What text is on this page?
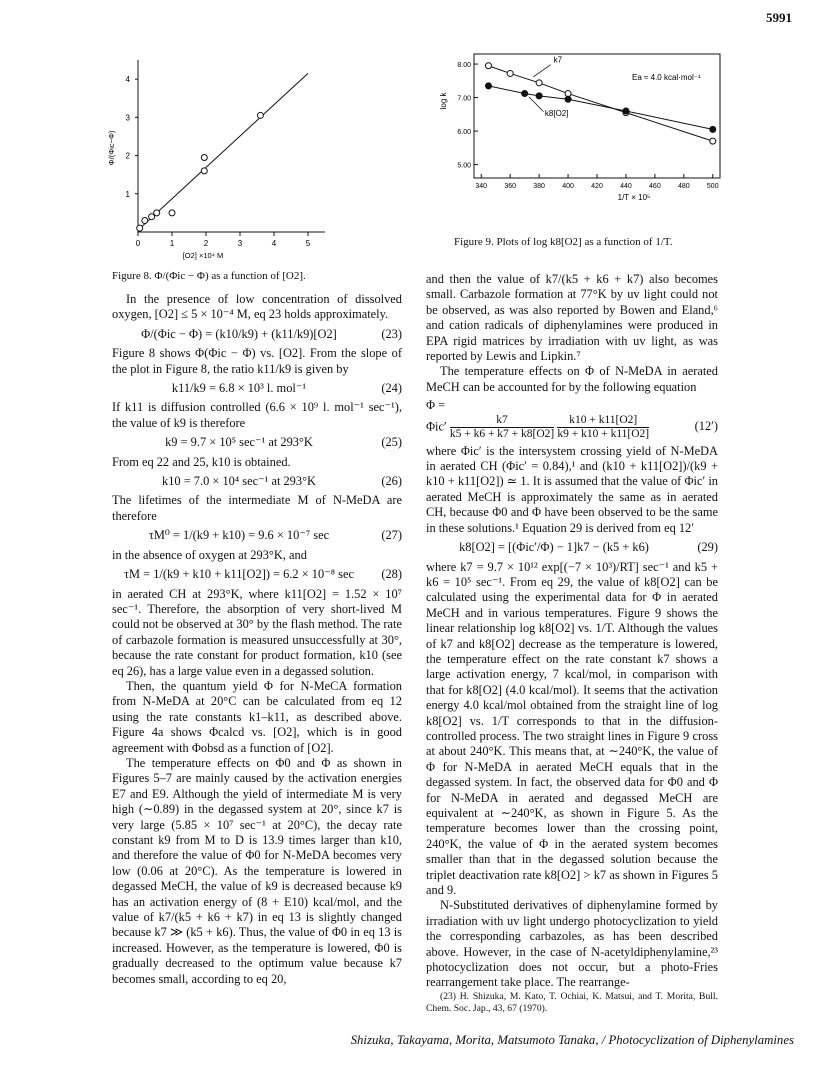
5991
0	1	2	3	4	5
1
2
3
4
[O2] ×10⁴ M
Φ/(Φic−Φ)
Figure 8. Φ/(Φic − Φ) as a function of [O2].
340 360 380 400 420 440 460 480 500
5.00
6.00
7.00
8.00
1/T × 10⁵
log k
Ea ≈ 4.0 kcal·mol⁻¹
k7
k8[O2]
Figure 9. Plots of log k8[O2] as a function of 1/T.

In the presence of low concentration of dissolved oxygen, [O2] ≤ 5 × 10⁻⁴ M, eq 23 holds approximately.

Φ/(Φic − Φ) = (k10/k9) + (k11/k9)[O2]	(23)

Figure 8 shows Φ(Φic − Φ) vs. [O2]. From the slope of the plot in Figure 8, the ratio k11/k9 is given by

k11/k9 = 6.8 × 10³ l. mol⁻¹	(24)

If k11 is diffusion controlled (6.6 × 10⁹ l. mol⁻¹ sec⁻¹), the value of k9 is therefore

k9 = 9.7 × 10⁵ sec⁻¹ at 293°K	(25)

From eq 22 and 25, k10 is obtained.

k10 = 7.0 × 10⁴ sec⁻¹ at 293°K	(26)

The lifetimes of the intermediate M of N-MeDA are therefore

τM⁰ = 1/(k9 + k10) = 9.6 × 10⁻⁷ sec	(27)

in the absence of oxygen at 293°K, and

τM = 1/(k9 + k10 + k11[O2]) = 6.2 × 10⁻⁸ sec	(28)

in aerated CH at 293°K, where k11[O2] = 1.52 × 10⁷ sec⁻¹. Therefore, the absorption of very short-lived M could not be observed at 30° by the flash method. The rate of carbazole formation is measured unsuccessfully at 30°, because the rate constant for product formation, k10 (see eq 26), has a large value even in a degassed solution.

Then, the quantum yield Φ for N-MeCA formation from N-MeDA at 20°C can be calculated from eq 12 using the rate constants k1–k11, as described above. Figure 4a shows Φcalcd vs. [O2], which is in good agreement with Φobsd as a function of [O2].

The temperature effects on Φ0 and Φ as shown in Figures 5–7 are mainly caused by the activation energies E7 and E9. Although the yield of intermediate M is very high (∼0.89) in the degassed system at 20°, since k7 is very large (5.85 × 10⁷ sec⁻¹ at 20°C), the decay rate constant k9 from M to D is 13.9 times larger than k10, and therefore the value of Φ0 for N-MeDA becomes very low (0.06 at 20°C). As the temperature is lowered in degassed MeCH, the value of k9 is decreased because k9 has an activation energy of (8 + E10) kcal/mol, and the value of k7/(k5 + k6 + k7) in eq 13 is slightly changed because k7 ≫ (k5 + k6). Thus, the value of Φ0 in eq 13 is increased. However, as the temperature is lowered, Φ0 is gradually decreased to the optimum value because k7 becomes small, according to eq 20,

and then the value of k7/(k5 + k6 + k7) also becomes small. Carbazole formation at 77°K by uv light could not be observed, as was also reported by Bowen and Eland,⁶ and cation radicals of diphenylamines were produced in EPA rigid matrices by irradiation with uv light, as was reported by Lewis and Lipkin.⁷

The temperature effects on Φ of N-MeDA in aerated MeCH can be accounted for by the following equation

Φ =
$\Phi ic' \frac{k7}{k5 + k6 + k7 + k8[O2]}$
$\frac{k10 + k11[O2]}{k9 + k10 + k11[O2]}$	(12′)

where Φic′ is the intersystem crossing yield of N-MeDA in aerated CH (Φic′ = 0.84),¹ and (k10 + k11[O2])/(k9 + k10 + k11[O2]) ≃ 1. It is assumed that the value of Φic′ in aerated MeCH is approximately the same as in aerated CH, because Φ0 and Φ have been observed to be the same in these solutions.¹ Equation 29 is derived from eq 12′

k8[O2] = [(Φic′/Φ) − 1]k7 − (k5 + k6)	(29)

where k7 = 9.7 × 10¹² exp[(−7 × 10³)/RT] sec⁻¹ and k5 + k6 = 10⁵ sec⁻¹. From eq 29, the value of k8[O2] can be calculated using the experimental data for Φ in aerated MeCH and in various temperatures. Figure 9 shows the linear relationship log k8[O2] vs. 1/T. Although the values of k7 and k8[O2] decrease as the temperature is lowered, the temperature effect on the rate constant k7 shows a large activation energy, 7 kcal/mol, in comparison with that for k8[O2] (4.0 kcal/mol). It seems that the activation energy 4.0 kcal/mol obtained from the straight line of log k8[O2] vs. 1/T corresponds to that in the diffusion-controlled process. The two straight lines in Figure 9 cross at about 240°K. This means that, at ∼240°K, the value of Φ for N-MeDA in aerated MeCH equals that in the degassed system. In fact, the observed data for Φ0 and Φ for N-MeDA in aerated and degassed MeCH are equivalent at ∼240°K, as shown in Figure 5. As the temperature becomes lower than the crossing point, 240°K, the value of Φ in the aerated system becomes smaller than that in the degassed solution because the triplet deactivation rate k8[O2] > k7 as shown in Figures 5 and 9.

N-Substituted derivatives of diphenylamine formed by irradiation with uv light undergo photocyclization to yield the corresponding carbazoles, as has been described above. However, in the case of N-acetyldiphenylamine,²³ photocyclization does not occur, but a photo-Fries rearrangement take place. The rearrange-

(23) H. Shizuka, M. Kato, T. Ochiai, K. Matsui, and T. Morita, Bull. Chem. Soc. Jap., 43, 67 (1970).

Shizuka, Takayama, Morita, Matsumoto Tanaka, / Photocyclization of Diphenylamines
